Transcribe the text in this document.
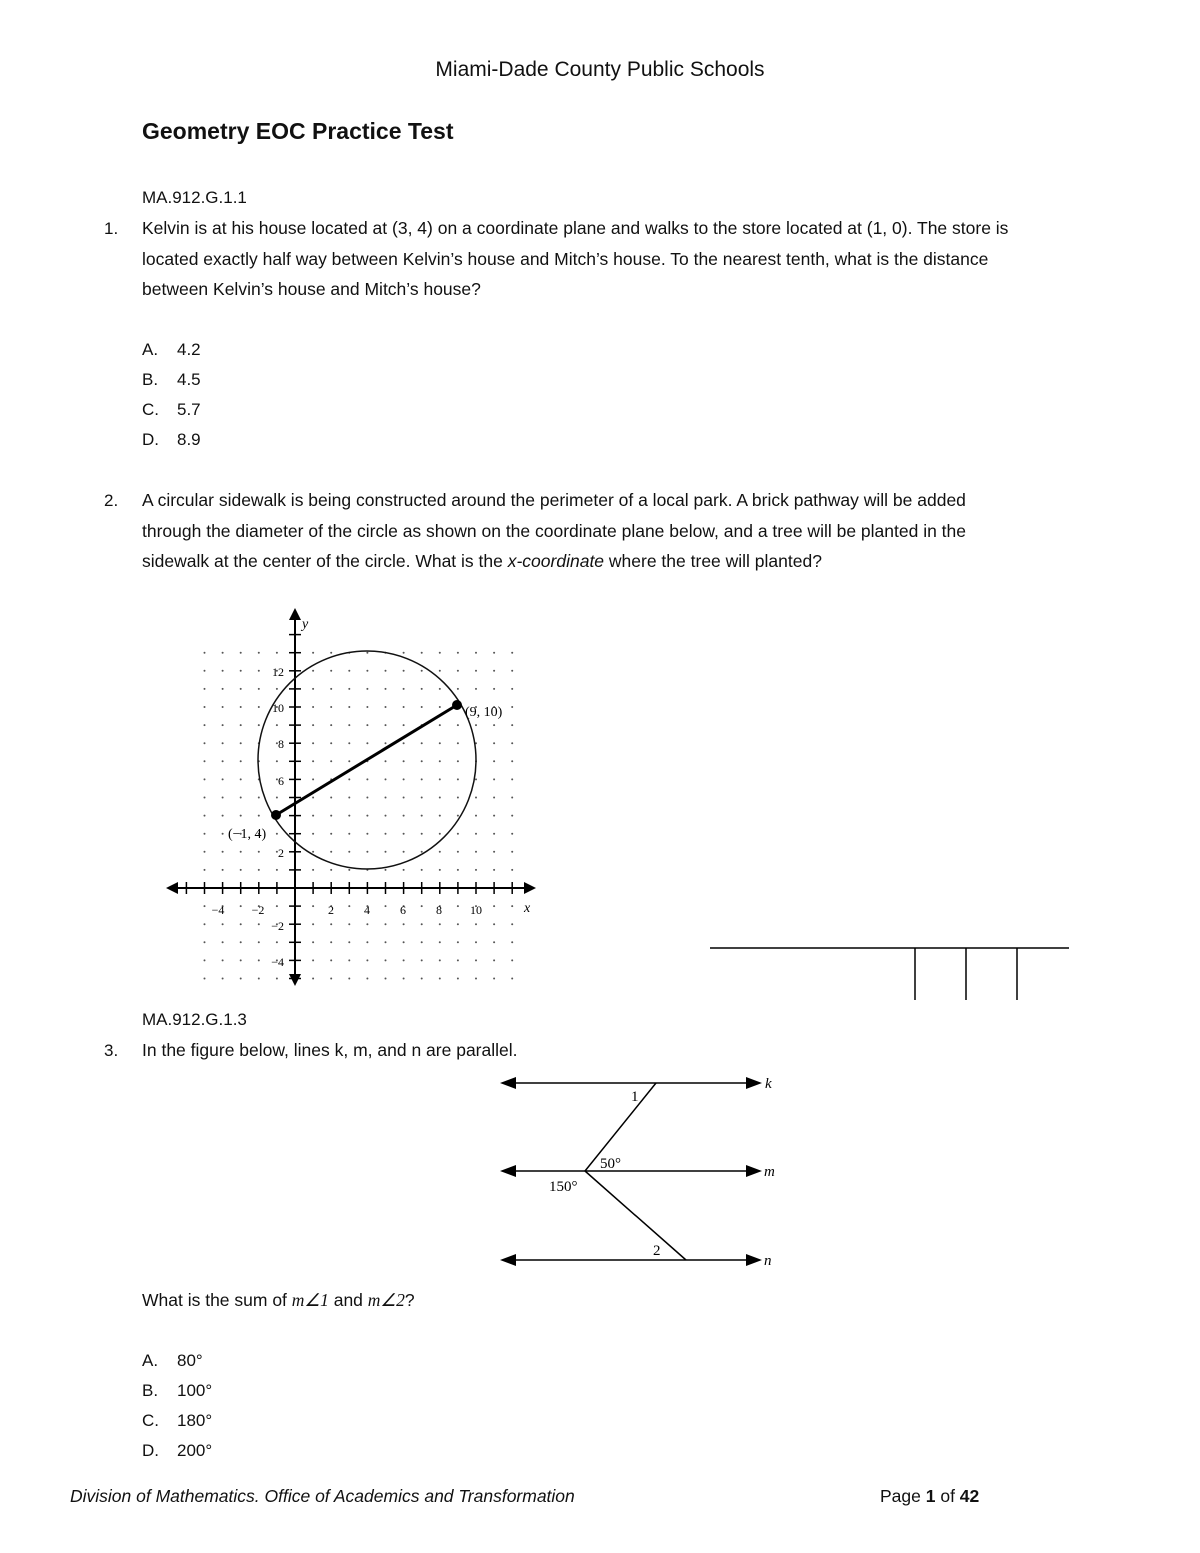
Miami-Dade County Public Schools
Geometry EOC Practice Test
MA.912.G.1.1
1. Kelvin is at his house located at (3, 4) on a coordinate plane and walks to the store located at (1, 0). The store is
located exactly half way between Kelvin’s house and Mitch’s house. To the nearest tenth, what is the distance
between Kelvin’s house and Mitch’s house?
A. 4.2
B. 4.5
C. 5.7
D. 8.9
2. A circular sidewalk is being constructed around the perimeter of a local park. A brick pathway will be added
through the diameter of the circle as shown on the coordinate plane below, and a tree will be planted in the
sidewalk at the center of the circle. What is the x-coordinate where the tree will planted?
(−1, 4)
(9, 10)
y
x
−4 −2	2	4	6	8 10
12
10
8
6
2
−2
−4
MA.912.G.1.3
3. In the figure below, lines k, m, and n are parallel.
k
m
n
1
2
50°
150°
What is the sum of m∠1 and m∠2?
A. 80°
B. 100°
C. 180°
D. 200°
Division of Mathematics. Office of Academics and Transformation	Page 1 of 42
